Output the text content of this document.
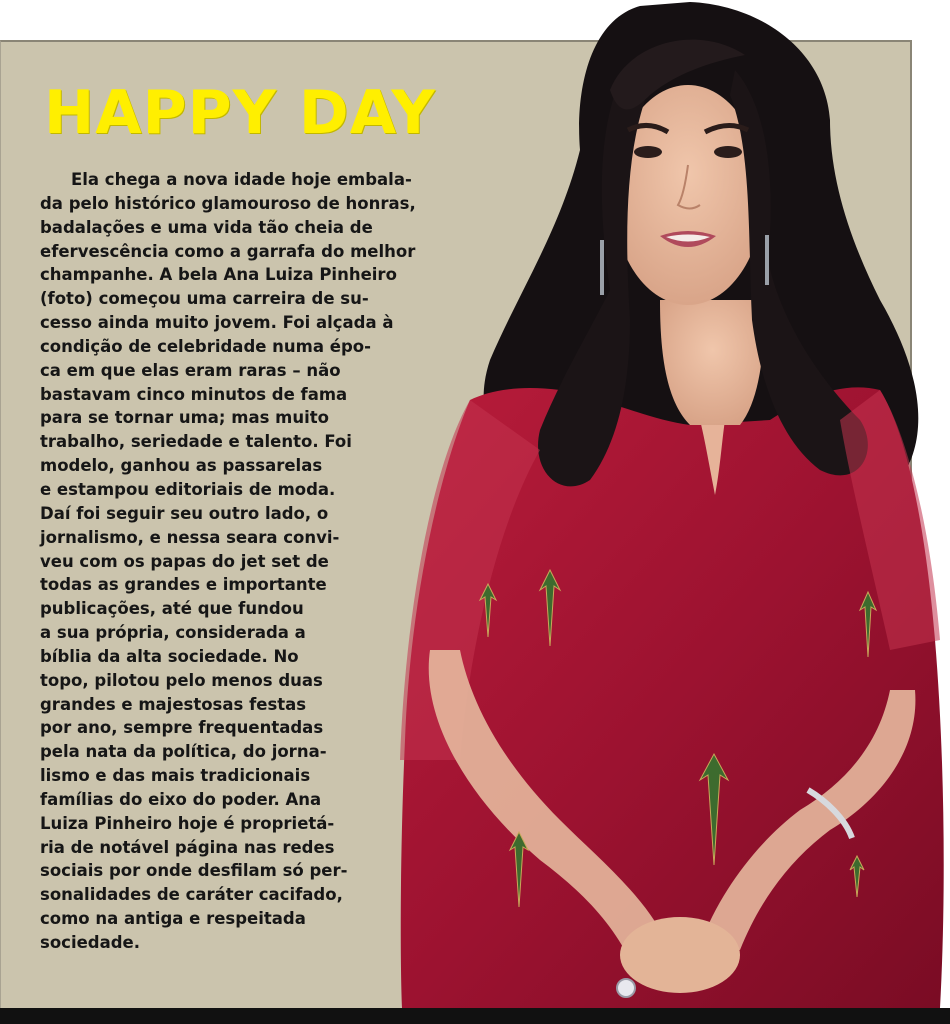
HAPPY DAY
Ela chega a nova idade hoje embala-
da pelo histórico glamouroso de honras,
badalações e uma vida tão cheia de
efervescência como a garrafa do melhor
champanhe. A bela Ana Luiza Pinheiro
(foto) começou uma carreira de su-
cesso ainda muito jovem. Foi alçada à
condição de celebridade numa épo-
ca em que elas eram raras – não
bastavam cinco minutos de fama
para se tornar uma; mas muito
trabalho, seriedade e talento. Foi
modelo, ganhou as passarelas
e estampou editoriais de moda.
Daí foi seguir seu outro lado, o
jornalismo, e nessa seara convi-
veu com os papas do jet set de
todas as grandes e importante
publicações, até que fundou
a sua própria, considerada a
bíblia da alta sociedade. No
topo, pilotou pelo menos duas
grandes e majestosas festas
por ano, sempre frequentadas
pela nata da política, do jorna-
lismo e das mais tradicionais
famílias do eixo do poder. Ana
Luiza Pinheiro hoje é proprietá-
ria de notável página nas redes
sociais por onde desfilam só per-
sonalidades de caráter cacifado,
como na antiga e respeitada
sociedade.
